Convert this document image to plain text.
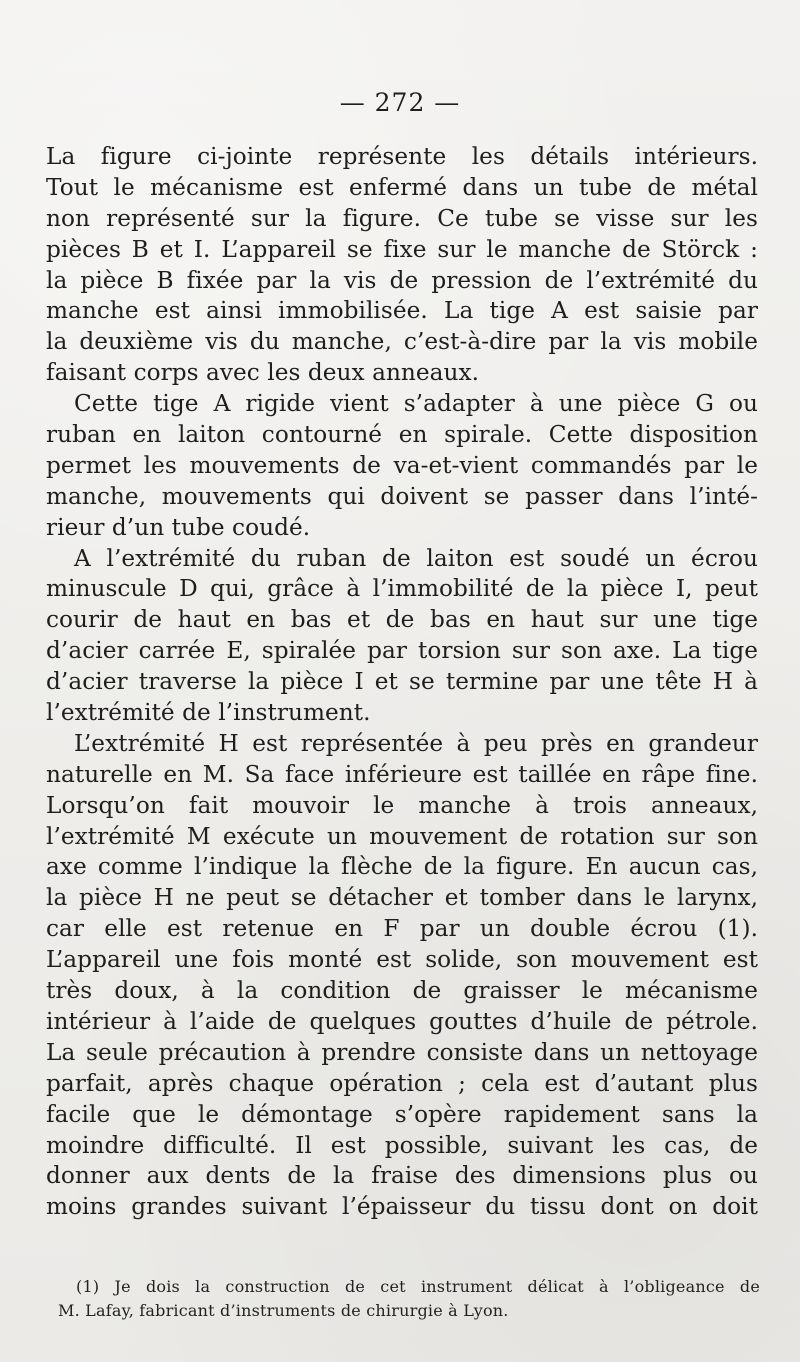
— 272 —
La figure ci-jointe représente les détails intérieurs.
Tout le mécanisme est enfermé dans un tube de métal
non représenté sur la figure. Ce tube se visse sur les
pièces B et I. L’appareil se fixe sur le manche de Störck :
la pièce B fixée par la vis de pression de l’extrémité du
manche est ainsi immobilisée. La tige A est saisie par
la deuxième vis du manche, c’est-à-dire par la vis mobile
faisant corps avec les deux anneaux.
Cette tige A rigide vient s’adapter à une pièce G ou
ruban en laiton contourné en spirale. Cette disposition
permet les mouvements de va-et-vient commandés par le
manche, mouvements qui doivent se passer dans l’inté-
rieur d’un tube coudé.
A l’extrémité du ruban de laiton est soudé un écrou
minuscule D qui, grâce à l’immobilité de la pièce I, peut
courir de haut en bas et de bas en haut sur une tige
d’acier carrée E, spiralée par torsion sur son axe. La tige
d’acier traverse la pièce I et se termine par une tête H à
l’extrémité de l’instrument.
L’extrémité H est représentée à peu près en grandeur
naturelle en M. Sa face inférieure est taillée en râpe fine.
Lorsqu’on fait mouvoir le manche à trois anneaux,
l’extrémité M exécute un mouvement de rotation sur son
axe comme l’indique la flèche de la figure. En aucun cas,
la pièce H ne peut se détacher et tomber dans le larynx,
car elle est retenue en F par un double écrou (1).
L’appareil une fois monté est solide, son mouvement est
très doux, à la condition de graisser le mécanisme
intérieur à l’aide de quelques gouttes d’huile de pétrole.
La seule précaution à prendre consiste dans un nettoyage
parfait, après chaque opération ; cela est d’autant plus
facile que le démontage s’opère rapidement sans la
moindre difficulté. Il est possible, suivant les cas, de
donner aux dents de la fraise des dimensions plus ou
moins grandes suivant l’épaisseur du tissu dont on doit
(1) Je dois la construction de cet instrument délicat à l’obligeance de
M. Lafay, fabricant d’instruments de chirurgie à Lyon.
